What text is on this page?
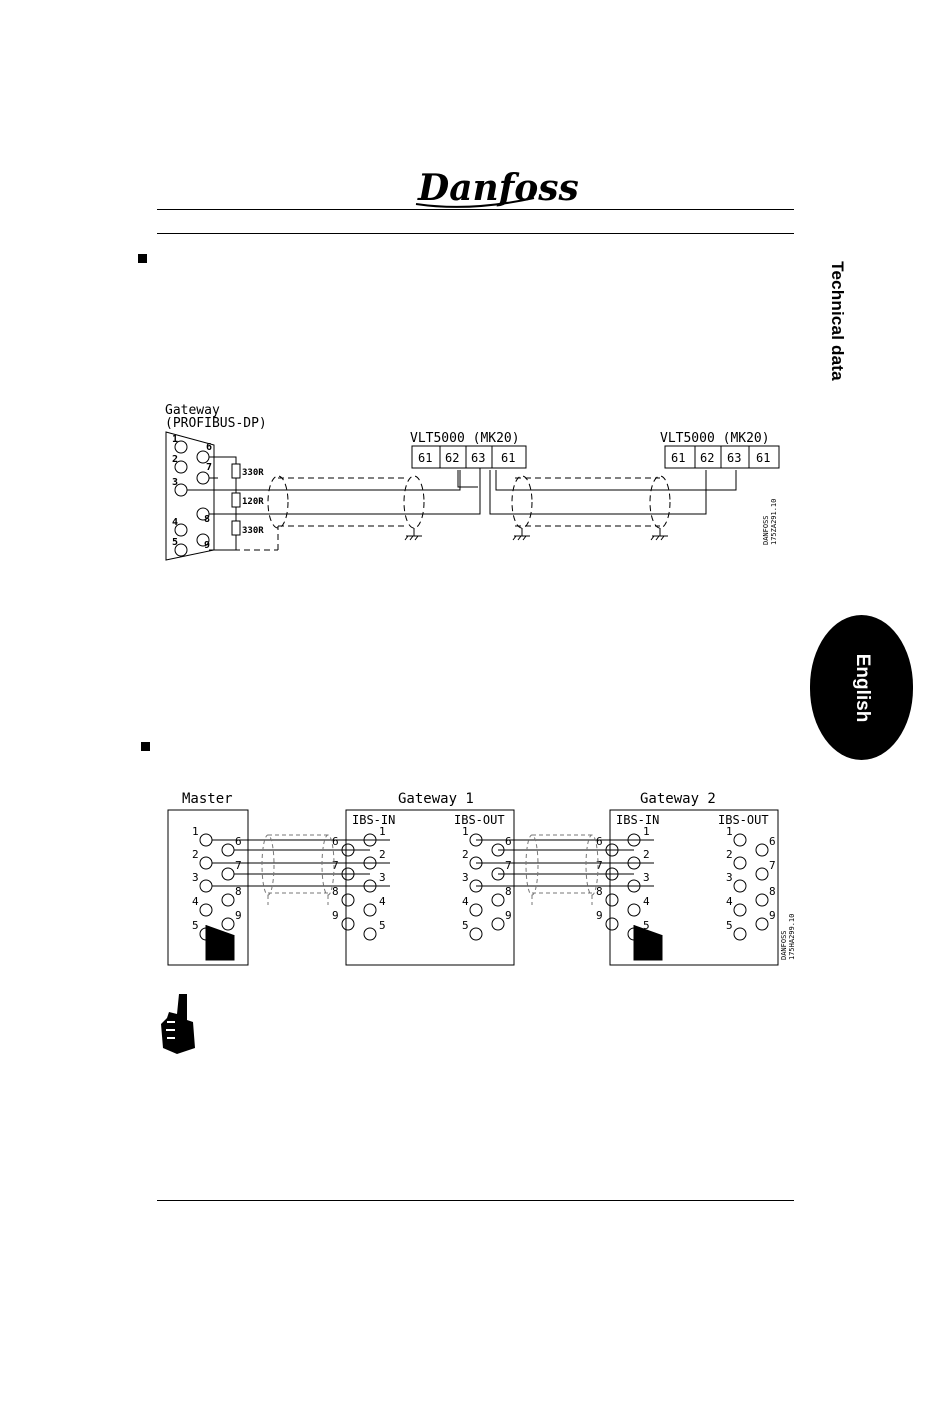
Danfoss
Technical data
English
Gateway
(PROFIBUS-DP)
1
2
3
4
5
6
7
8
9
330R
120R
330R
VLT5000 (MK20)
61 62 63 61
VLT5000 (MK20)
61 62 63 61
DANFOSS 175ZA291.10
Master	Gateway 1	Gateway 2
IBS-IN	IBS-OUT	IBS-IN	IBS-OUT
1
2
3
4
5
6
7
8
9
1
2
3
4
5
6
7
8
9
1
2
3
4
5
6
7
8
9
1
2
3
4
5
6
7
8
9
1
2
3
4
5
6
7
8
9
DANFOSS 175HA299.10
